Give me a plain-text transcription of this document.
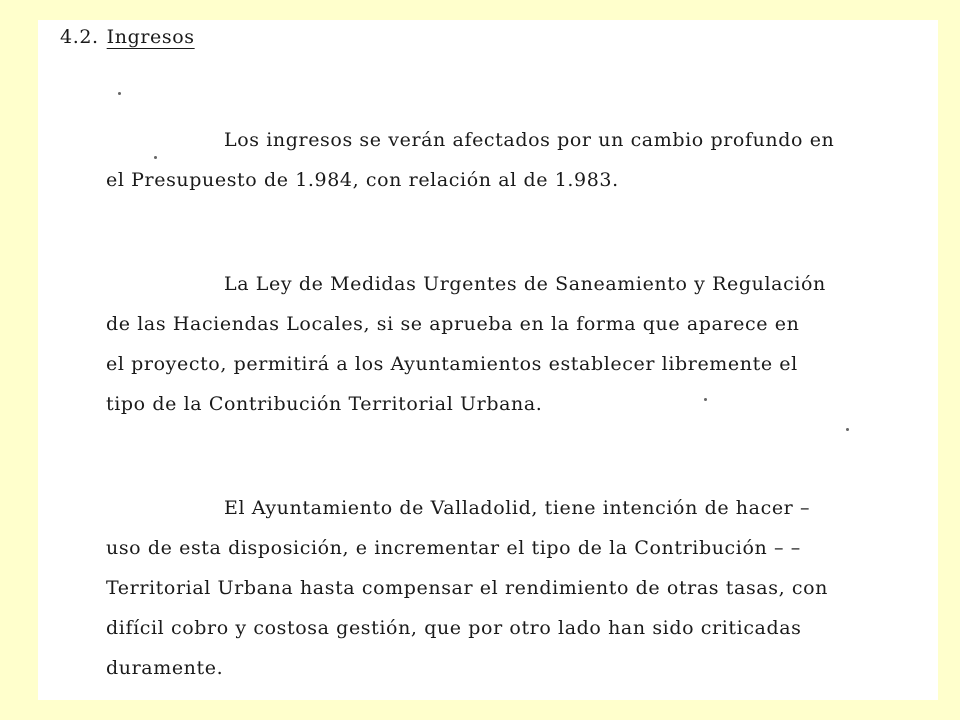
4.2. Ingresos
Los ingresos se verán afectados por un cambio profundo en
el Presupuesto de 1.984, con relación al de 1.983.
La Ley de Medidas Urgentes de Saneamiento y Regulación
de las Haciendas Locales, si se aprueba en la forma que aparece en
el proyecto, permitirá a los Ayuntamientos establecer libremente el
tipo de la Contribución Territorial Urbana.
El Ayuntamiento de Valladolid, tiene intención de hacer –
uso de esta disposición, e incrementar el tipo de la Contribución – –
Territorial Urbana hasta compensar el rendimiento de otras tasas, con
difícil cobro y costosa gestión, que por otro lado han sido criticadas
duramente.
